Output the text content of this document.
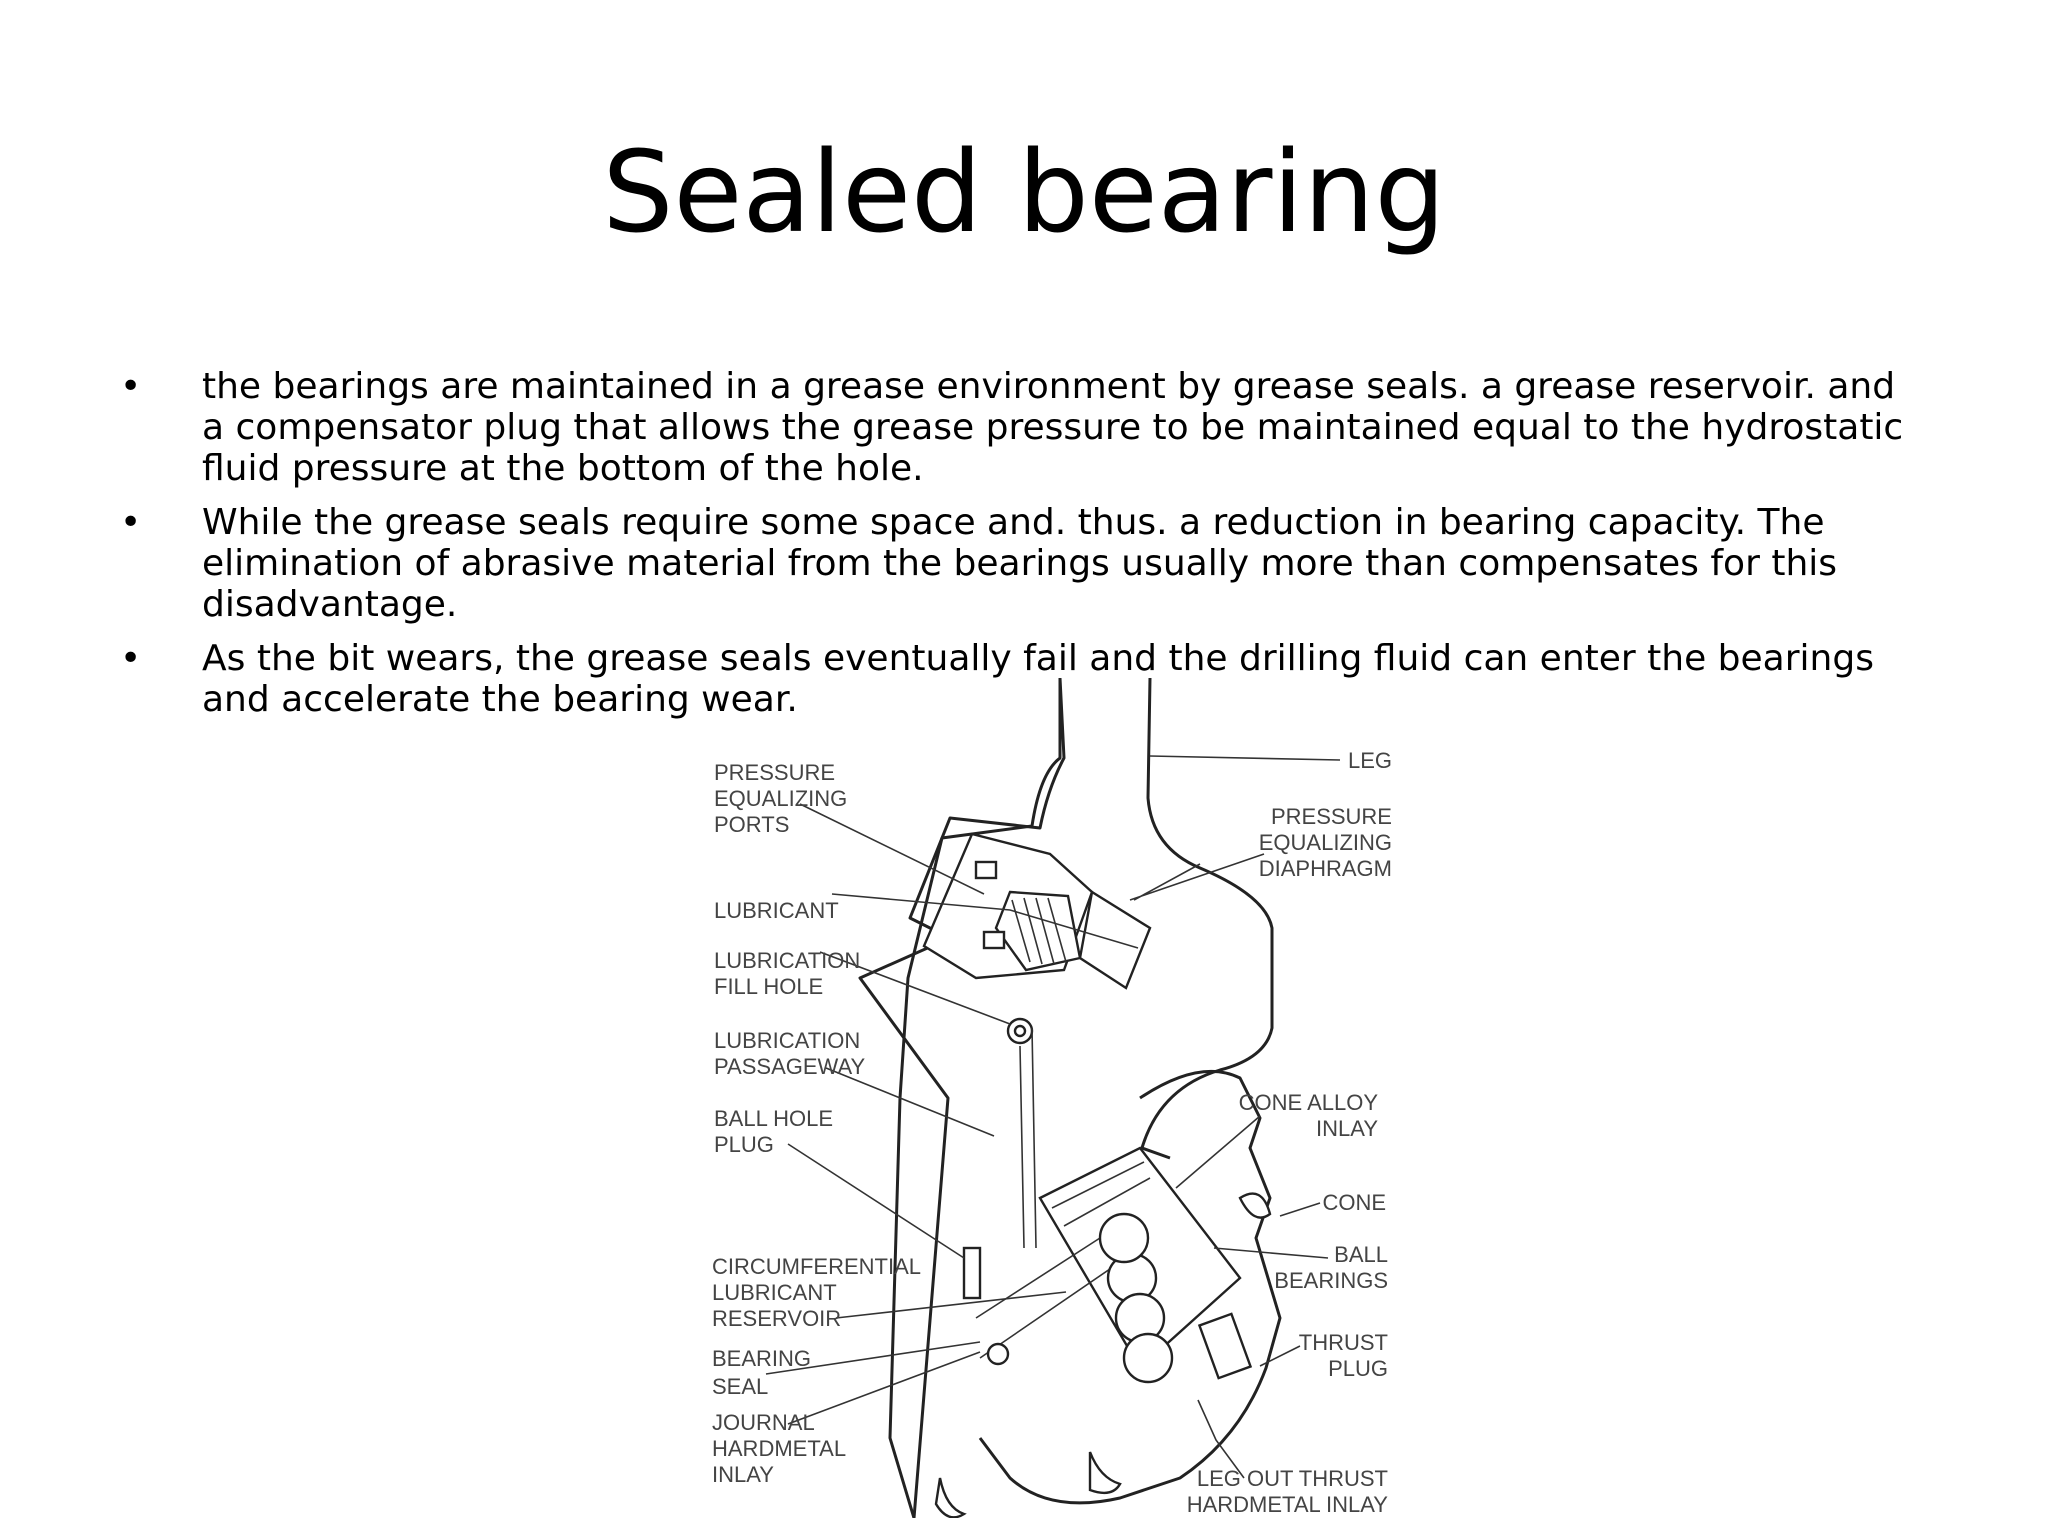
Sealed bearing
•	the bearings are maintained in a grease environment by grease seals. a grease reservoir. and a compensator plug that allows the grease pressure to be maintained equal to the hydrostatic fluid pressure at the bottom of the hole.
•	While the grease seals require some space and. thus. a reduction in bearing capacity. The elimination of abrasive material from the bearings usually more than compensates for this disadvantage.
•	As the bit wears, the grease seals eventually fail and the drilling fluid can enter the bearings and accelerate the bearing wear.
PRESSURE
EQUALIZING
PORTS
LUBRICANT
LUBRICATION
FILL HOLE
LUBRICATION
PASSAGEWAY
BALL HOLE
PLUG
CIRCUMFERENTIAL
LUBRICANT
RESERVOIR
BEARING
SEAL
JOURNAL
HARDMETAL
INLAY
LEG
PRESSURE
EQUALIZING
DIAPHRAGM
CONE ALLOY
INLAY
CONE
BALL
BEARINGS
THRUST
PLUG
LEG OUT THRUST
HARDMETAL INLAY
